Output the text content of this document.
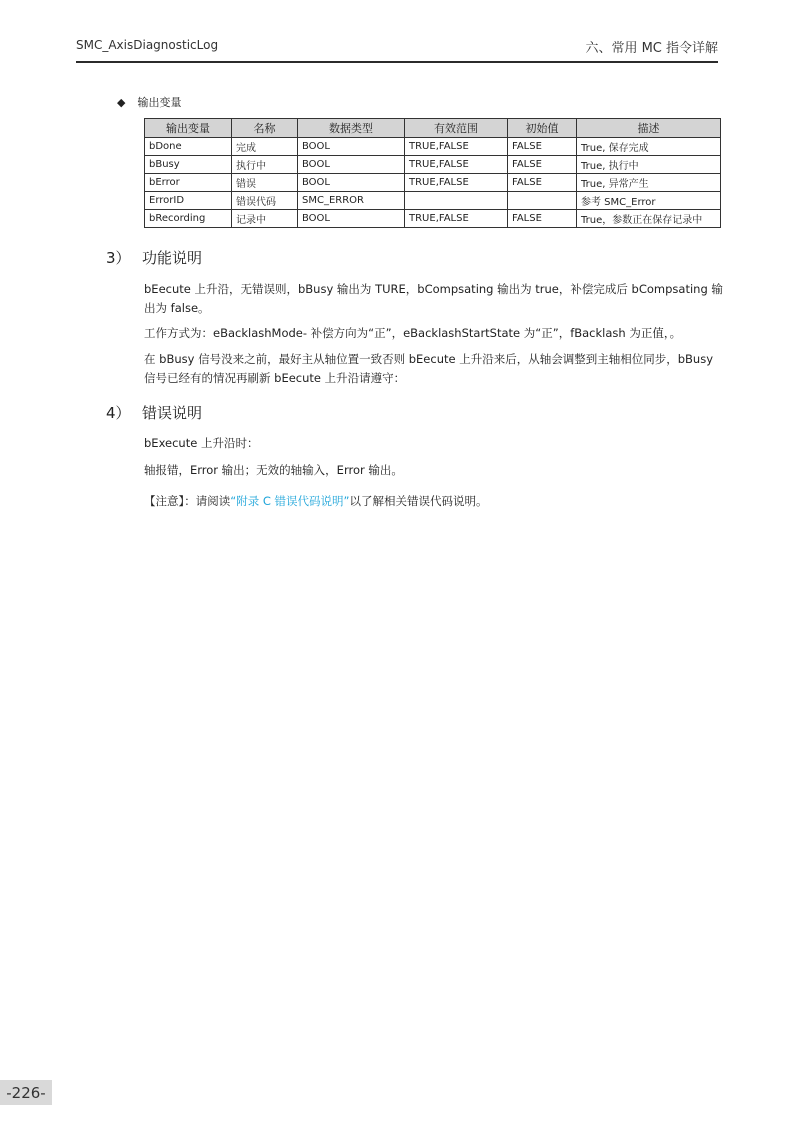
SMC_AxisDiagnosticLog	六、常用 MC 指令详解
◆ 输出变量
输出变量	名称	数据类型	有效范围	初始值	描述
bDone	完成	BOOL	TRUE,FALSE	FALSE	True, 保存完成
bBusy	执行中	BOOL	TRUE,FALSE	FALSE	True, 执行中
bError	错误	BOOL	TRUE,FALSE	FALSE	True, 异常产生
ErrorID	错误代码	SMC_ERROR			参考 SMC_Error
bRecording	记录中	BOOL	TRUE,FALSE	FALSE	True，参数正在保存记录中
3） 功能说明
bEecute 上升沿，无错误则，bBusy 输出为 TURE，bCompsating 输出为 true，补偿完成后 bCompsating 输出为 false。
工作方式为：eBacklashMode- 补偿方向为“正”，eBacklashStartState 为“正”，fBacklash 为正值，。
在 bBusy 信号没来之前，最好主从轴位置一致否则 bEecute 上升沿来后，从轴会调整到主轴相位同步，bBusy 信号已经有的情况再刷新 bEecute 上升沿请遵守：
4） 错误说明
bExecute 上升沿时：
轴报错，Error 输出；无效的轴输入，Error 输出。
【注意】：请阅读“附录 C 错误代码说明”以了解相关错误代码说明。
-226-
